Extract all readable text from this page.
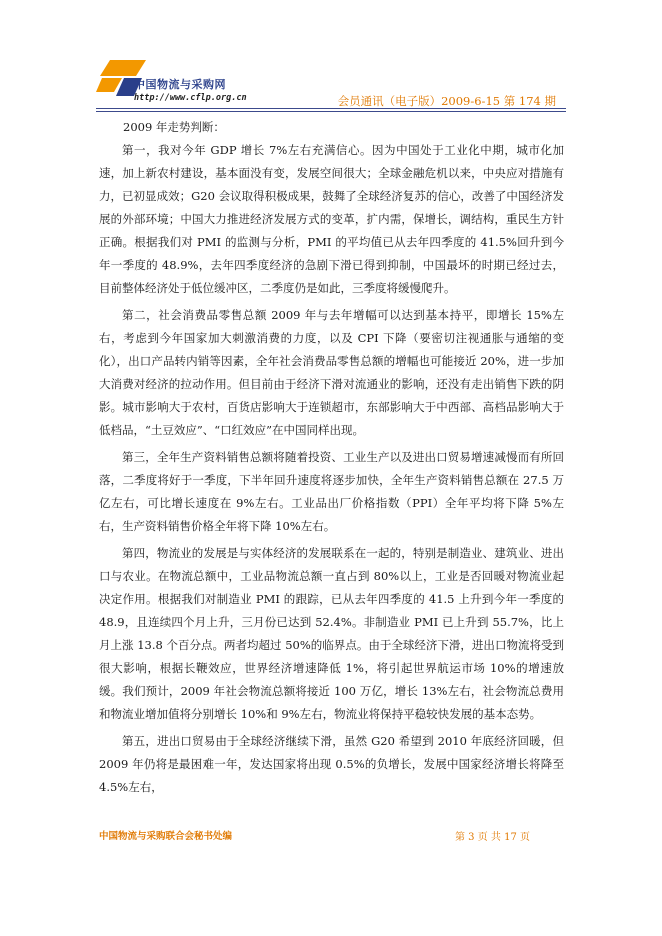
中国物流与采购网
http://www.cflp.org.cn	会员通讯（电子版）2009-6-15 第 174 期
2009 年走势判断：

第一，我对今年 GDP 增长 7%左右充满信心。因为中国处于工业化中期，城市化加速，加上新农村建设，基本面没有变，发展空间很大；全球金融危机以来，中央应对措施有力，已初显成效；G20 会议取得积极成果，鼓舞了全球经济复苏的信心，改善了中国经济发展的外部环境；中国大力推进经济发展方式的变革，扩内需，保增长，调结构，重民生方针正确。根据我们对 PMI 的监测与分析，PMI 的平均值已从去年四季度的 41.5%回升到今年一季度的 48.9%，去年四季度经济的急剧下滑已得到抑制，中国最坏的时期已经过去，目前整体经济处于低位缓冲区，二季度仍是如此，三季度将缓慢爬升。

第二，社会消费品零售总额 2009 年与去年增幅可以达到基本持平，即增长 15%左右，考虑到今年国家加大刺激消费的力度，以及 CPI 下降（要密切注视通胀与通缩的变化），出口产品转内销等因素，全年社会消费品零售总额的增幅也可能接近 20%，进一步加大消费对经济的拉动作用。但目前由于经济下滑对流通业的影响，还没有走出销售下跌的阴影。城市影响大于农村，百货店影响大于连锁超市，东部影响大于中西部、高档品影响大于低档品，“土豆效应”、“口红效应”在中国同样出现。

第三，全年生产资料销售总额将随着投资、工业生产以及进出口贸易增速减慢而有所回落，二季度将好于一季度，下半年回升速度将逐步加快，全年生产资料销售总额在 27.5 万亿左右，可比增长速度在 9%左右。工业品出厂价格指数（PPI）全年平均将下降 5%左右，生产资料销售价格全年将下降 10%左右。

第四，物流业的发展是与实体经济的发展联系在一起的，特别是制造业、建筑业、进出口与农业。在物流总额中，工业品物流总额一直占到 80%以上，工业是否回暖对物流业起决定作用。根据我们对制造业 PMI 的跟踪，已从去年四季度的 41.5 上升到今年一季度的 48.9，且连续四个月上升，三月份已达到 52.4%。非制造业 PMI 已上升到 55.7%，比上月上涨 13.8 个百分点。两者均超过 50%的临界点。由于全球经济下滑，进出口物流将受到很大影响，根据长鞭效应，世界经济增速降低 1%，将引起世界航运市场 10%的增速放缓。我们预计，2009 年社会物流总额将接近 100 万亿，增长 13%左右，社会物流总费用和物流业增加值将分别增长 10%和 9%左右，物流业将保持平稳较快发展的基本态势。

第五，进出口贸易由于全球经济继续下滑，虽然 G20 希望到 2010 年底经济回暖，但 2009 年仍将是最困难一年，发达国家将出现 0.5%的负增长，发展中国家经济增长将降至 4.5%左右，

中国物流与采购联合会秘书处编	第 3 页 共 17 页
